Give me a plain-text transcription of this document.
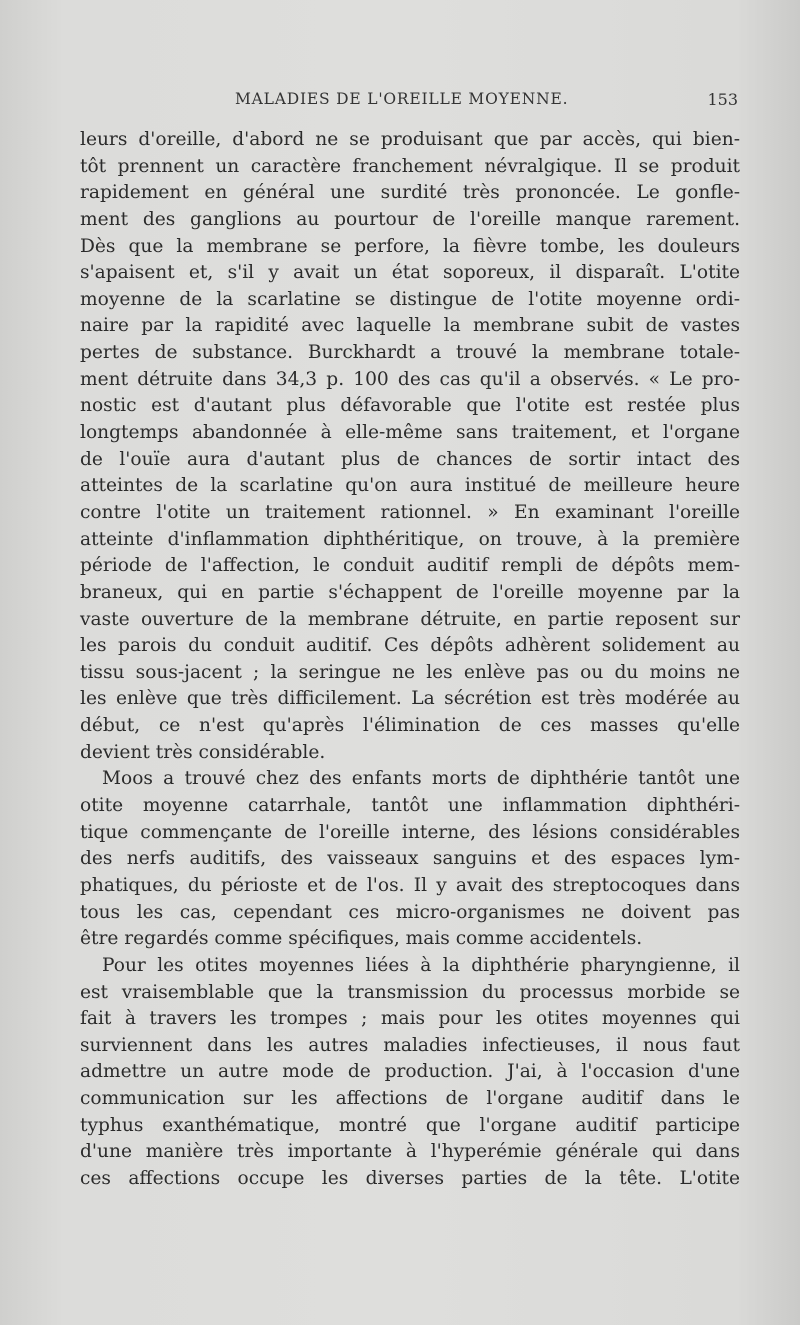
MALADIES DE L'OREILLE MOYENNE.	153
leurs d'oreille, d'abord ne se produisant que par accès, qui bien-
tôt prennent un caractère franchement névralgique. Il se produit
rapidement en général une surdité très prononcée. Le gonfle-
ment des ganglions au pourtour de l'oreille manque rarement.
Dès que la membrane se perfore, la fièvre tombe, les douleurs
s'apaisent et, s'il y avait un état soporeux, il disparaît. L'otite
moyenne de la scarlatine se distingue de l'otite moyenne ordi-
naire par la rapidité avec laquelle la membrane subit de vastes
pertes de substance. Burckhardt a trouvé la membrane totale-
ment détruite dans 34,3 p. 100 des cas qu'il a observés. « Le pro-
nostic est d'autant plus défavorable que l'otite est restée plus
longtemps abandonnée à elle-même sans traitement, et l'organe
de l'ouïe aura d'autant plus de chances de sortir intact des
atteintes de la scarlatine qu'on aura institué de meilleure heure
contre l'otite un traitement rationnel. » En examinant l'oreille
atteinte d'inflammation diphthéritique, on trouve, à la première
période de l'affection, le conduit auditif rempli de dépôts mem-
braneux, qui en partie s'échappent de l'oreille moyenne par la
vaste ouverture de la membrane détruite, en partie reposent sur
les parois du conduit auditif. Ces dépôts adhèrent solidement au
tissu sous-jacent ; la seringue ne les enlève pas ou du moins ne
les enlève que très difficilement. La sécrétion est très modérée au
début, ce n'est qu'après l'élimination de ces masses qu'elle
devient très considérable.
Moos a trouvé chez des enfants morts de diphthérie tantôt une
otite moyenne catarrhale, tantôt une inflammation diphthéri-
tique commençante de l'oreille interne, des lésions considérables
des nerfs auditifs, des vaisseaux sanguins et des espaces lym-
phatiques, du périoste et de l'os. Il y avait des streptocoques dans
tous les cas, cependant ces micro-organismes ne doivent pas
être regardés comme spécifiques, mais comme accidentels.
Pour les otites moyennes liées à la diphthérie pharyngienne, il
est vraisemblable que la transmission du processus morbide se
fait à travers les trompes ; mais pour les otites moyennes qui
surviennent dans les autres maladies infectieuses, il nous faut
admettre un autre mode de production. J'ai, à l'occasion d'une
communication sur les affections de l'organe auditif dans le
typhus exanthématique, montré que l'organe auditif participe
d'une manière très importante à l'hyperémie générale qui dans
ces affections occupe les diverses parties de la tête. L'otite
